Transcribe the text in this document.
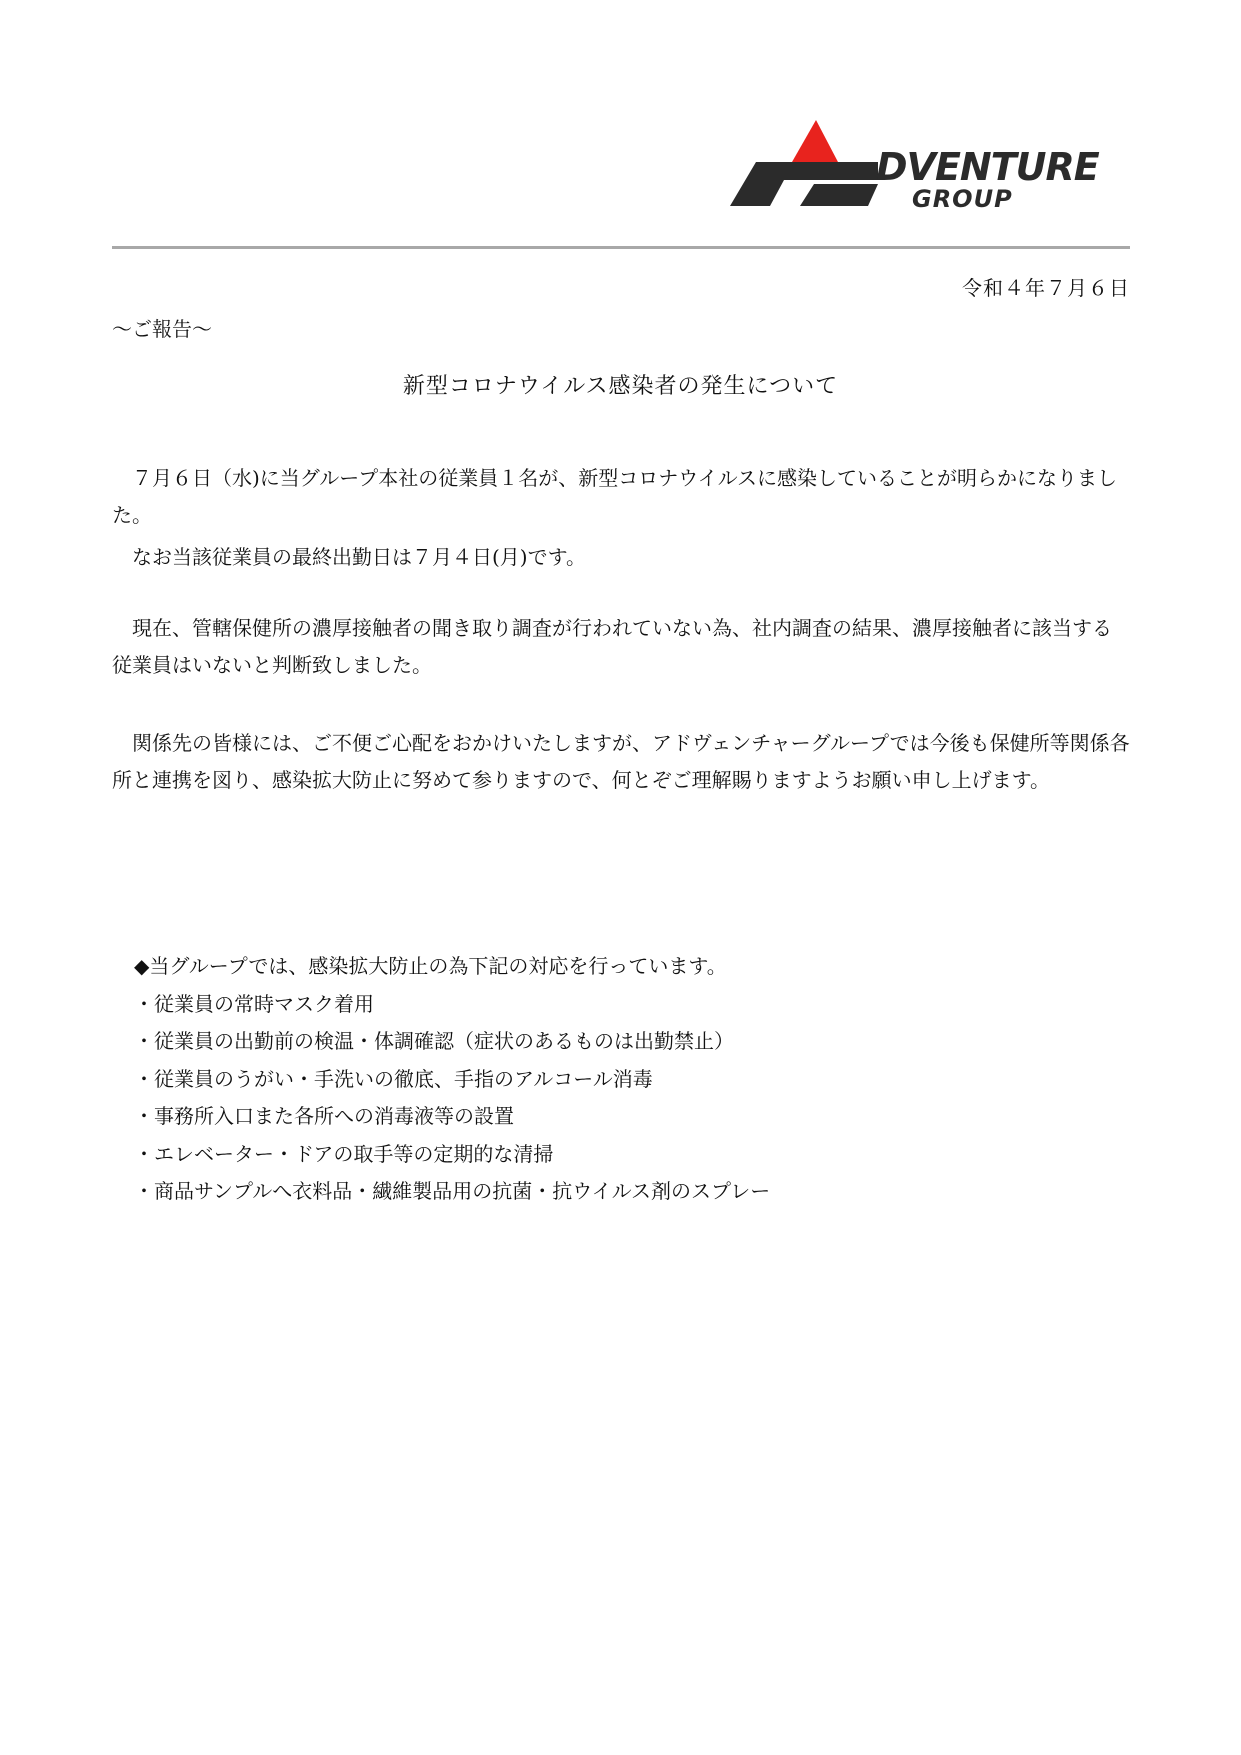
DVENTURE
GROUP
令和４年７月６日
～ご報告～
新型コロナウイルス感染者の発生について
　７月６日（水)に当グループ本社の従業員１名が、新型コロナウイルスに感染していることが明らかになりました。
　なお当該従業員の最終出勤日は７月４日(月)です。
　現在、管轄保健所の濃厚接触者の聞き取り調査が行われていない為、社内調査の結果、濃厚接触者に該当する従業員はいないと判断致しました。
　関係先の皆様には、ご不便ご心配をおかけいたしますが、アドヴェンチャーグループでは今後も保健所等関係各所と連携を図り、感染拡大防止に努めて参りますので、何とぞご理解賜りますようお願い申し上げます。
◆当グループでは、感染拡大防止の為下記の対応を行っています。
・従業員の常時マスク着用
・従業員の出勤前の検温・体調確認（症状のあるものは出勤禁止）
・従業員のうがい・手洗いの徹底、手指のアルコール消毒
・事務所入口また各所への消毒液等の設置
・エレベーター・ドアの取手等の定期的な清掃
・商品サンプルへ衣料品・繊維製品用の抗菌・抗ウイルス剤のスプレー
